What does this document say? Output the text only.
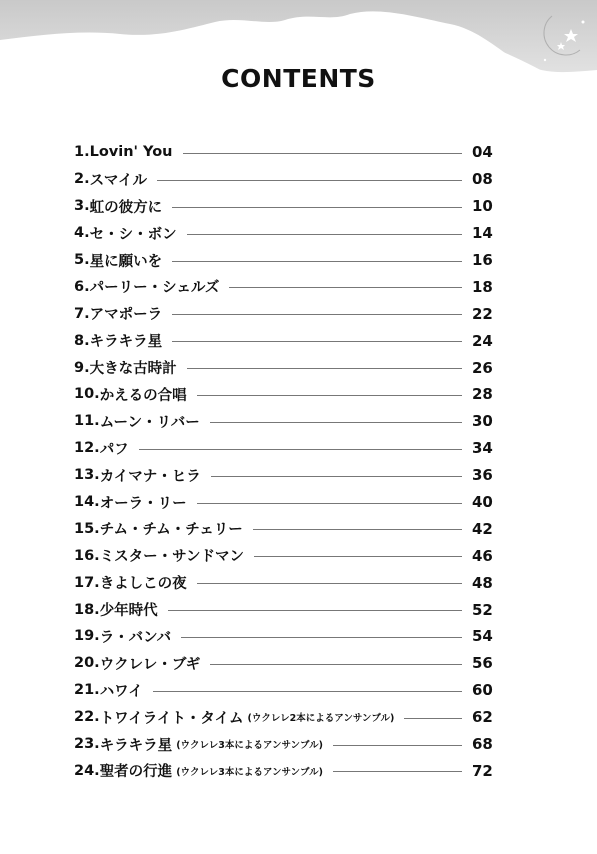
CONTENTS
1. Lovin' You	04
2. スマイル	08
3. 虹の彼方に	10
4. セ・シ・ボン	14
5. 星に願いを	16
6. パーリー・シェルズ	18
7. アマポーラ	22
8. キラキラ星	24
9. 大きな古時計	26
10. かえるの合唱	28
11. ムーン・リバー	30
12. パフ	34
13. カイマナ・ヒラ	36
14. オーラ・リー	40
15. チム・チム・チェリー	42
16. ミスター・サンドマン	46
17. きよしこの夜	48
18. 少年時代	52
19. ラ・バンバ	54
20. ウクレレ・ブギ	56
21. ハワイ	60
22. トワイライト・タイム (ウクレレ2本によるアンサンブル)	62
23. キラキラ星 (ウクレレ3本によるアンサンブル)	68
24. 聖者の行進 (ウクレレ3本によるアンサンブル)	72
